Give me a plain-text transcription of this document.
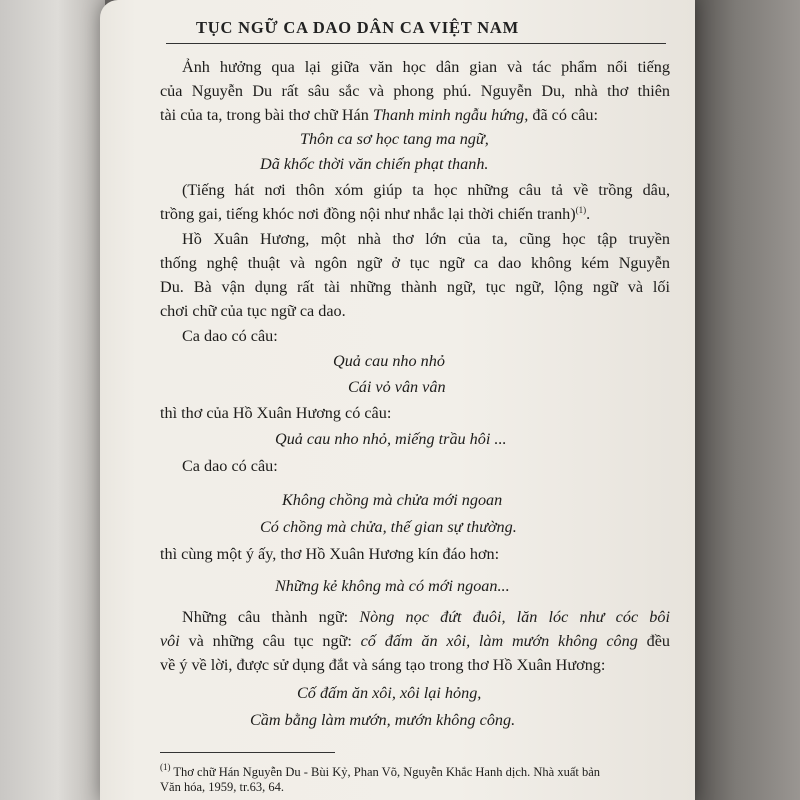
TỤC NGỮ CA DAO DÂN CA VIỆT NAM
Ảnh hưởng qua lại giữa văn học dân gian và tác phẩm nổi tiếng
của Nguyễn Du rất sâu sắc và phong phú. Nguyễn Du, nhà thơ thiên
tài của ta, trong bài thơ chữ Hán Thanh minh ngẫu hứng, đã có câu:
Thôn ca sơ học tang ma ngữ,
Dã khốc thời văn chiến phạt thanh.
(Tiếng hát nơi thôn xóm giúp ta học những câu tả về trồng dâu,
trồng gai, tiếng khóc nơi đồng nội như nhắc lại thời chiến tranh)$^{(1)}$.
Hồ Xuân Hương, một nhà thơ lớn của ta, cũng học tập truyền
thống nghệ thuật và ngôn ngữ ở tục ngữ ca dao không kém Nguyễn
Du. Bà vận dụng rất tài những thành ngữ, tục ngữ, lộng ngữ và lối
chơi chữ của tục ngữ ca dao.
Ca dao có câu:
Quả cau nho nhỏ
Cái vỏ vân vân
thì thơ của Hồ Xuân Hương có câu:
Quả cau nho nhỏ, miếng trầu hôi ...
Ca dao có câu:
Không chồng mà chửa mới ngoan
Có chồng mà chửa, thế gian sự thường.
thì cùng một ý ấy, thơ Hồ Xuân Hương kín đáo hơn:
Những kẻ không mà có mới ngoan...
Những câu thành ngữ: Nòng nọc đứt đuôi, lăn lóc như cóc bôi
vôi và những câu tục ngữ: cố đấm ăn xôi, làm mướn không công đều
về ý về lời, được sử dụng đắt và sáng tạo trong thơ Hồ Xuân Hương:
Cố đấm ăn xôi, xôi lại hỏng,
Cầm bằng làm mướn, mướn không công.
$^{(1)}$ Thơ chữ Hán Nguyễn Du - Bùi Kỷ, Phan Võ, Nguyễn Khắc Hanh dịch. Nhà xuất bản
Văn hóa, 1959, tr.63, 64.
